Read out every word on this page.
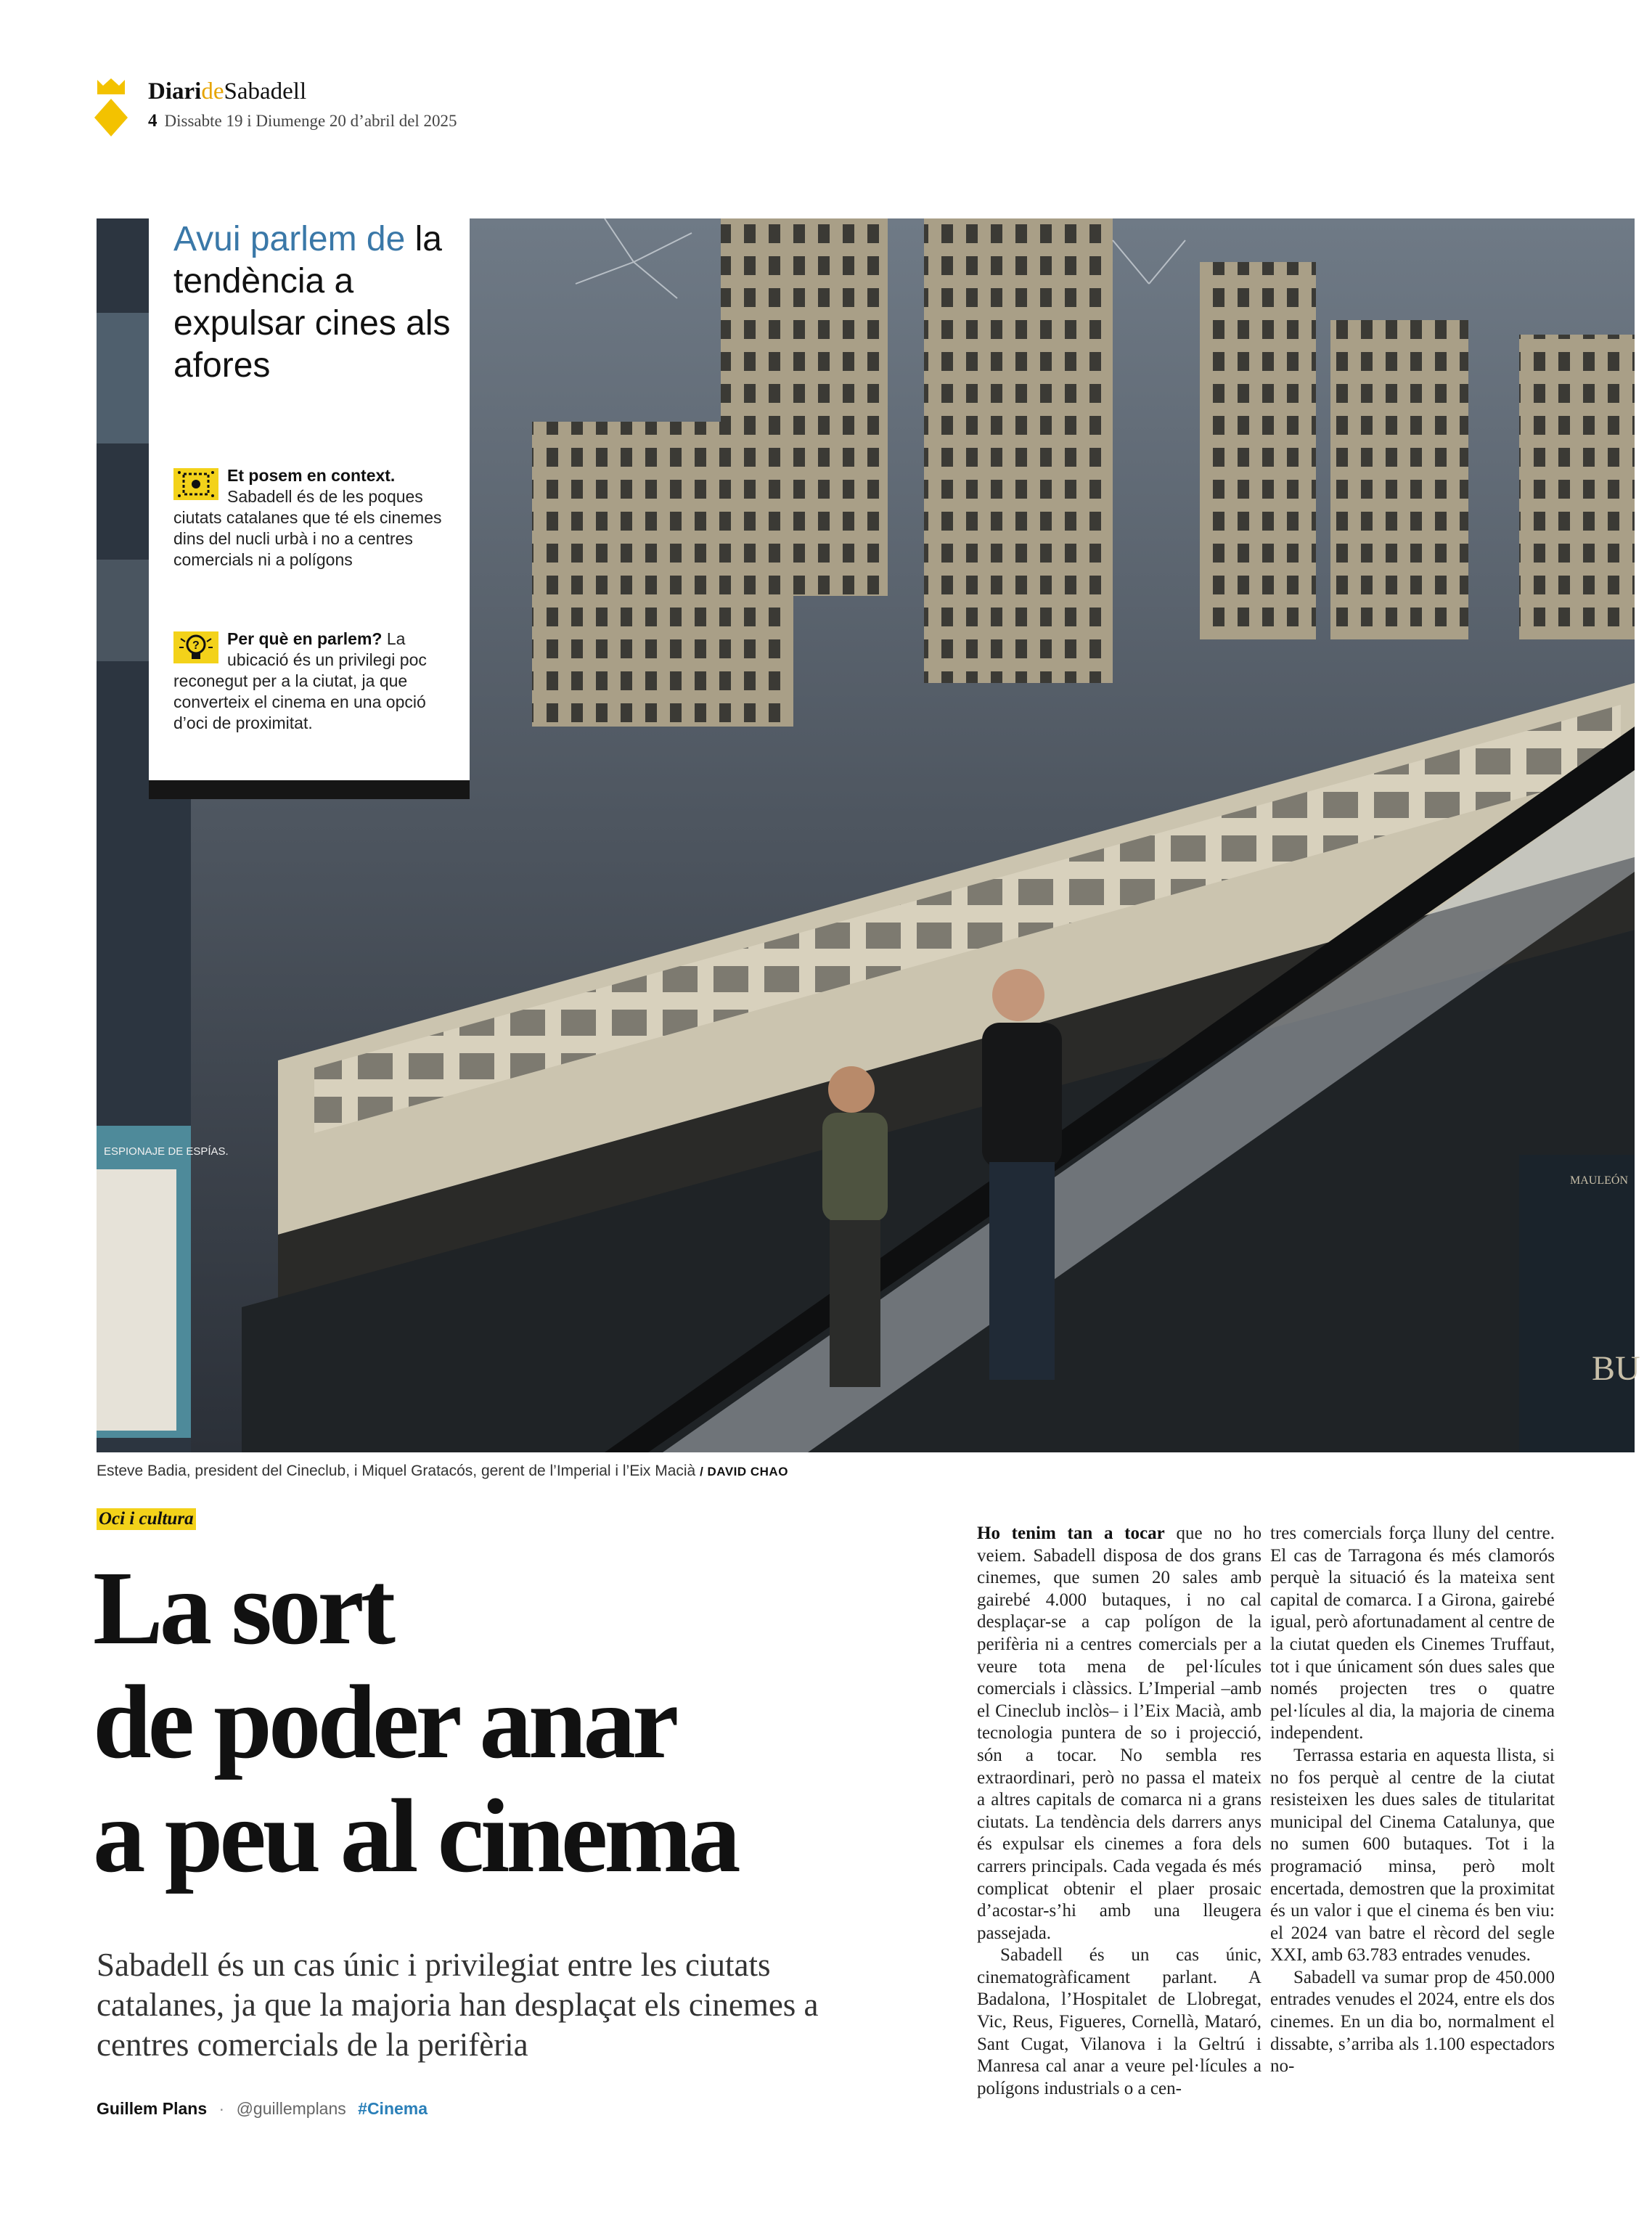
DiarideSabadell
4 Dissabte 19 i Diumenge 20 d’abril del 2025
ESPIONAJE DE ESPÍAS.
MAULEÓN
BU
Avui parlem de la tendència a expulsar cines als afores
Et posem en context. Sabadell és de les poques ciutats catalanes que té els cinemes dins del nucli urbà i no a centres comercials ni a polígons
? Per què en parlem? La ubicació és un privilegi poc reconegut per a la ciutat, ja que converteix el cinema en una opció d’oci de proximitat.
Esteve Badia, president del Cineclub, i Miquel Gratacós, gerent de l’Imperial i l’Eix Macià / DAVID CHAO
Oci i cultura
La sort
de poder anar
a peu al cinema
Sabadell és un cas únic i privilegiat entre les ciutats catalanes, ja que la majoria han desplaçat els cinemes a centres comercials de la perifèria
Guillem Plans · @guillemplans #Cinema

Ho tenim tan a tocar que no ho veiem. Sabadell disposa de dos grans cinemes, que sumen 20 sales amb gairebé 4.000 butaques, i no cal desplaçar-se a cap polígon de la perifèria ni a centres comercials per a veure tota mena de pel·lícules comercials i clàssics. L’Imperial –amb el Cineclub inclòs– i l’Eix Macià, amb tecnologia puntera de so i projecció, són a tocar. No sembla res extraordinari, però no passa el mateix a altres capitals de comarca ni a grans ciutats. La tendència dels darrers anys és expulsar els cinemes a fora dels carrers principals. Cada vegada és més complicat obtenir el plaer prosaic d’acostar-s’hi amb una lleugera passejada.

Sabadell és un cas únic, cinematogràficament parlant. A Badalona, l’Hospitalet de Llobregat, Vic, Reus, Figueres, Cornellà, Mataró, Sant Cugat, Vilanova i la Geltrú i Manresa cal anar a veure pel·lícules a polígons industrials o a cen-

tres comercials força lluny del centre. El cas de Tarragona és més clamorós perquè la situació és la mateixa sent capital de comarca. I a Girona, gairebé igual, però afortunadament al centre de la ciutat queden els Cinemes Truffaut, tot i que únicament són dues sales que només projecten tres o quatre pel·lícules al dia, la majoria de cinema independent.

Terrassa estaria en aquesta llista, si no fos perquè al centre de la ciutat resisteixen les dues sales de titularitat municipal del Cinema Catalunya, que no sumen 600 butaques. Tot i la programació minsa, però molt encertada, demostren que la proximitat és un valor i que el cinema és ben viu: el 2024 van batre el rècord del segle XXI, amb 63.783 entrades venudes.

Sabadell va sumar prop de 450.000 entrades venudes el 2024, entre els dos cinemes. En un dia bo, normalment el dissabte, s’arriba als 1.100 espectadors no-
